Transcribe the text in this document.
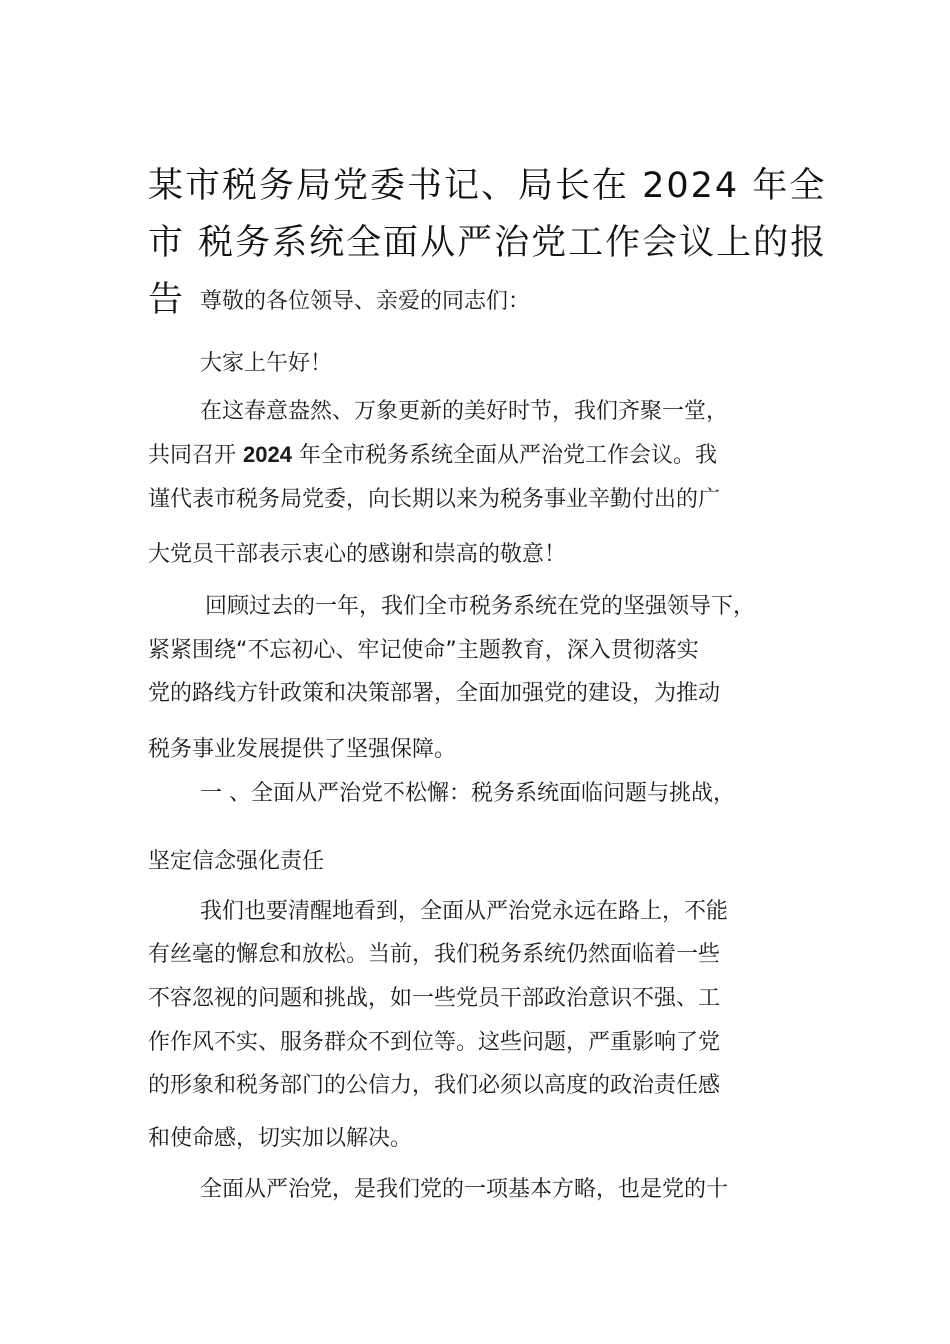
某市税务局党委书记、局长在 2024 年全
市 税务系统全面从严治党工作会议上的报
告 尊敬的各位领导、亲爱的同志们：
大家上午好！
在这春意盎然、万象更新的美好时节，我们齐聚一堂，
共同召开 2024 年全市税务系统全面从严治党工作会议。我
谨代表市税务局党委，向长期以来为税务事业辛勤付出的广
大党员干部表示衷心的感谢和崇高的敬意！
回顾过去的一年，我们全市税务系统在党的坚强领导下，
紧紧围绕“不忘初心、牢记使命”主题教育，深入贯彻落实
党的路线方针政策和决策部署，全面加强党的建设，为推动
税务事业发展提供了坚强保障。
一 、全面从严治党不松懈：税务系统面临问题与挑战，
坚定信念强化责任
我们也要清醒地看到，全面从严治党永远在路上，不能
有丝毫的懈怠和放松。当前，我们税务系统仍然面临着一些
不容忽视的问题和挑战，如一些党员干部政治意识不强、工
作作风不实、服务群众不到位等。这些问题，严重影响了党
的形象和税务部门的公信力，我们必须以高度的政治责任感
和使命感，切实加以解决。
全面从严治党，是我们党的一项基本方略，也是党的十
